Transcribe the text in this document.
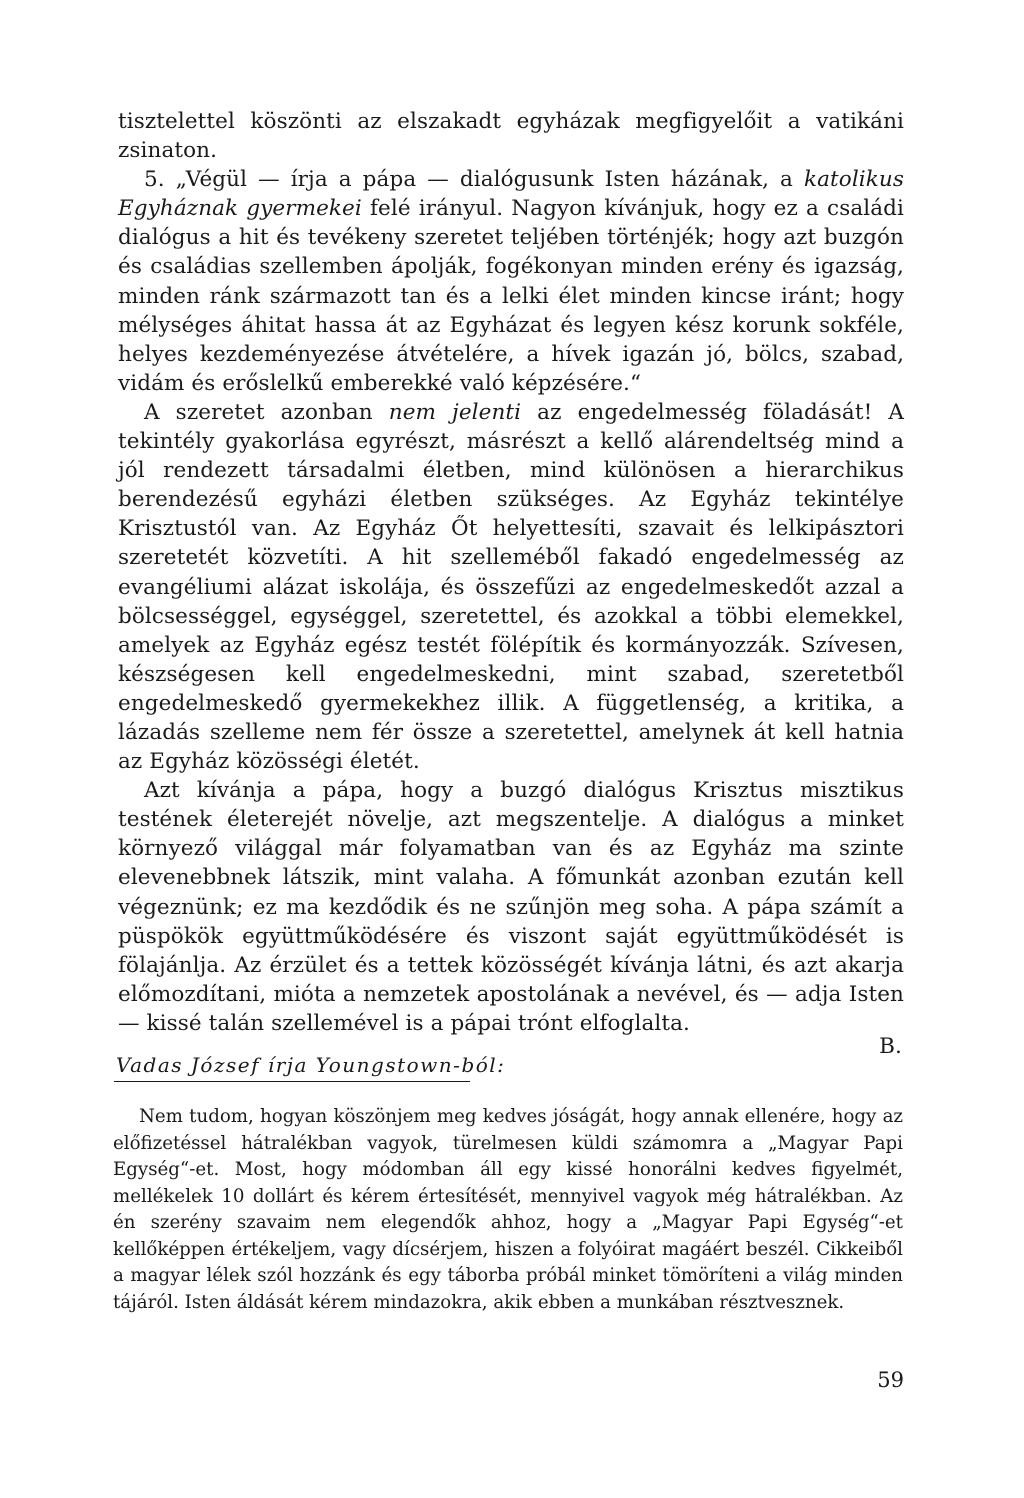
tisztelettel köszönti az elszakadt egyházak megfigyelőit a vatikáni zsinaton.

5. „Végül — írja a pápa — dialógusunk Isten házának, a katolikus Egyháznak gyermekei felé irányul. Nagyon kívánjuk, hogy ez a családi dialógus a hit és tevékeny szeretet teljében történjék; hogy azt buzgón és családias szellemben ápolják, fogékonyan minden erény és igazság, minden ránk származott tan és a lelki élet minden kincse iránt; hogy mélységes áhitat hassa át az Egyházat és legyen kész korunk sokféle, helyes kezdeményezése átvételére, a hívek igazán jó, bölcs, szabad, vidám és erőslelkű emberekké való képzésére.“

A szeretet azonban nem jelenti az engedelmesség föladását! A tekintély gyakorlása egyrészt, másrészt a kellő alárendeltség mind a jól rendezett társadalmi életben, mind különösen a hierarchikus berendezésű egyházi életben szükséges. Az Egyház tekintélye Krisztustól van. Az Egyház Őt helyettesíti, szavait és lelkipásztori szeretetét közvetíti. A hit szelleméből fakadó engedelmesség az evangéliumi alázat iskolája, és összefűzi az engedelmeskedőt azzal a bölcsességgel, egységgel, szeretettel, és azokkal a többi elemekkel, amelyek az Egyház egész testét fölépítik és kormányozzák. Szívesen, készségesen kell engedelmeskedni, mint szabad, szeretetből engedelmeskedő gyermekekhez illik. A függetlenség, a kritika, a lázadás szelleme nem fér össze a szeretettel, amelynek át kell hatnia az Egyház közösségi életét.

Azt kívánja a pápa, hogy a buzgó dialógus Krisztus misztikus testének életerejét növelje, azt megszentelje. A dialógus a minket környező világgal már folyamatban van és az Egyház ma szinte elevenebbnek látszik, mint valaha. A főmunkát azonban ezután kell végeznünk; ez ma kezdődik és ne szűnjön meg soha. A pápa számít a püspökök együttműködésére és viszont saját együttműködését is fölajánlja. Az érzület és a tettek közösségét kívánja látni, és azt akarja előmozdítani, mióta a nemzetek apostolának a nevével, és — adja Isten — kissé talán szellemével is a pápai trónt elfoglalta.

B.

Vadas József írja Youngstown-ból:

Nem tudom, hogyan köszönjem meg kedves jóságát, hogy annak ellenére, hogy az előfizetéssel hátralékban vagyok, türelmesen küldi számomra a „Magyar Papi Egység“-et. Most, hogy módomban áll egy kissé honorálni kedves figyelmét, mellékelek 10 dollárt és kérem értesítését, mennyivel vagyok még hátralékban. Az én szerény szavaim nem elegendők ahhoz, hogy a „Magyar Papi Egység“-et kellőképpen értékeljem, vagy dícsérjem, hiszen a folyóirat magáért beszél. Cikkeiből a magyar lélek szól hozzánk és egy táborba próbál minket tömöríteni a világ minden tájáról. Isten áldását kérem mindazokra, akik ebben a munkában résztvesznek.

59
